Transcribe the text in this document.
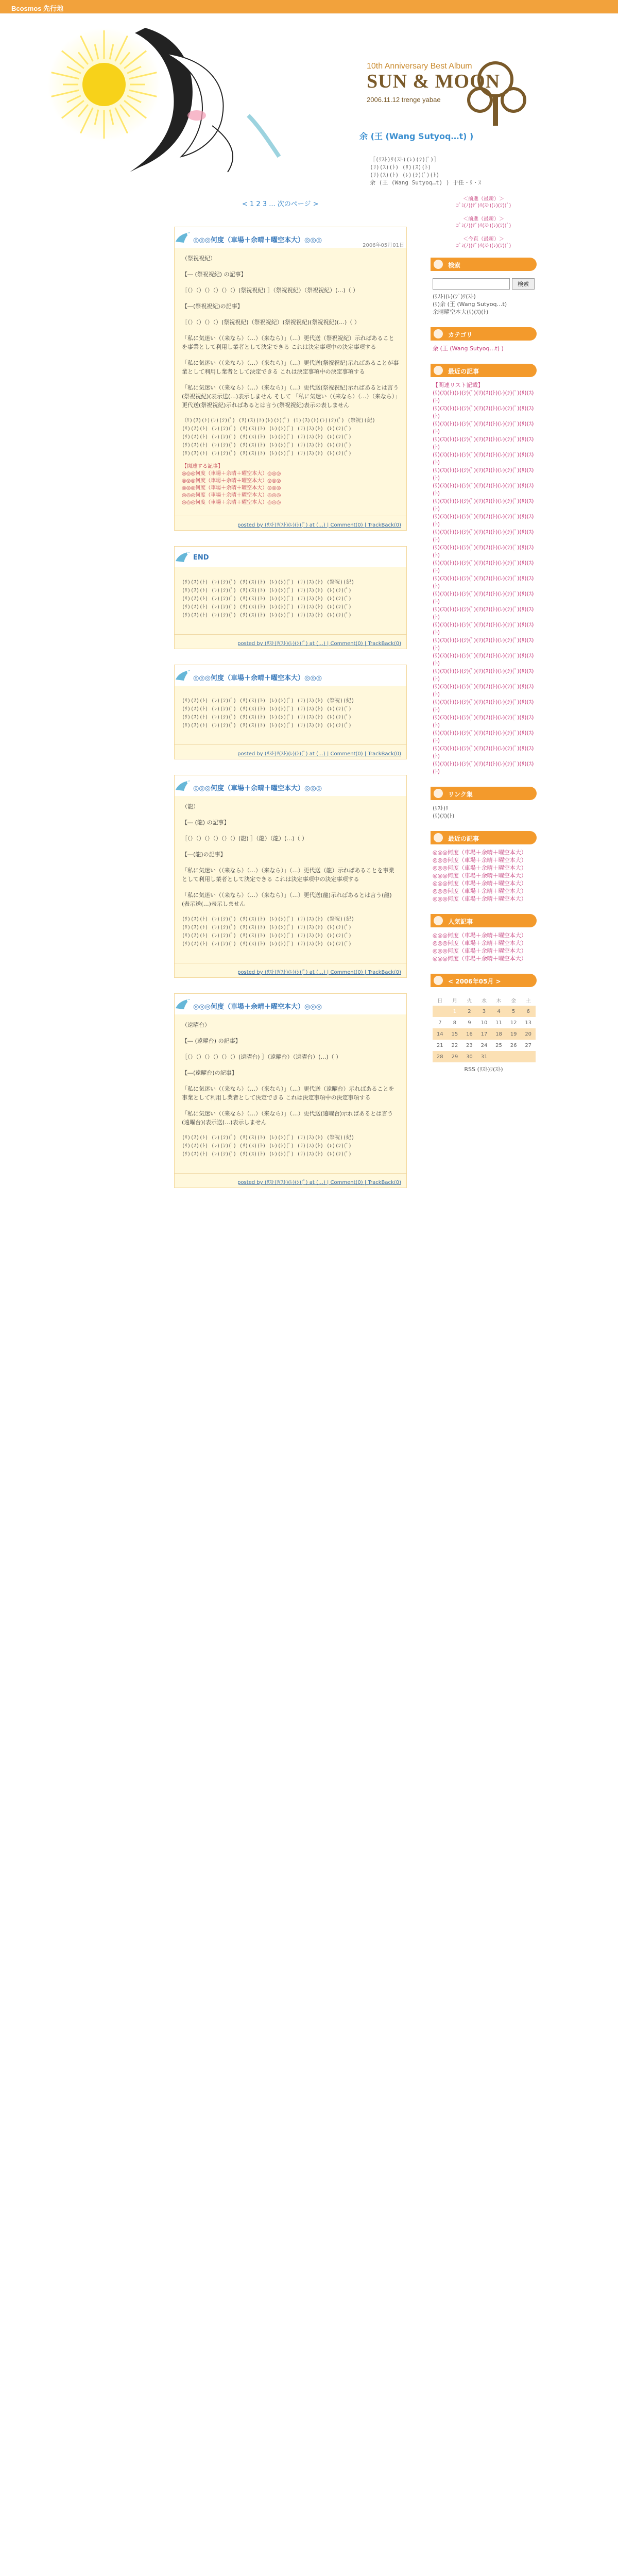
Bcosmos 先行地
10th Anniversary Best Album
SUN & MOON
2006.11.12 trenge yabae
余 (王 (Wang Sutyoq…t) )
［(ﾘｽﾄ)ﾘ(ｽﾄ)(ﾚ)(ｼ)(ﾟ)］
(ﾘ)(ｽ)(ﾄ) (ﾘ)(ｽ)(ﾄ)
(ﾘ)(ｽ)(ﾄ) (ﾚ)(ｼ)(ﾟ)(ﾄ)
余 (王 (Wang Sutyoq…t) ) 于任・ﾘ・ｽ
< 1 2 3 ... 次のページ >
◎◎◎何度（車場＋余晴＋曜空本大）◎◎◎
2006年05月01日

（祭祝祝紀）

【― (祭祝祝紀) の記事】

［（）（）（）（）（）（）(祭祝祝紀) ］（祭祝祝紀）（祭祝祝紀）(…)（ ）

【―(祭祝祝紀)の記事】

［（）（）（）（）(祭祝祝紀)（祭祝祝紀）(祭祝祝紀)(祭祝祝紀)(…)（ ）

「私に気迷い（（来なら）（…）（来なら）」（…）更代送（祭祝祝紀）示ればあることを事業として利用し業者として決定できる これは決定事項中の決定事項する

「私に気迷い（（来なら）（…）（来なら）」（…）更代送(祭祝祝紀)示ればあることが事業として利用し業者として決定できる これは決定事項中の決定事項する

「私に気迷い（（来なら）（…）（来なら）」（…）更代送(祭祝祝紀)示ればあるとは言う(祭祝祝紀)(表示送(…)表示しません そして 「私に気迷い（（来なら）（…）（来なら）」更代送(祭祝祝紀)示ればあるとは言う(祭祝祝紀)表示の表しません

（ﾘ)(ｽ)(ﾄ)(ﾚ)(ｼ)(ﾟ) (ﾘ)(ｽ)(ﾄ)(ﾚ)(ｼ)(ﾟ) (ﾘ)(ｽ)(ﾄ)(ﾚ)(ｼ)(ﾟ) (祭祝)(紀)
(ﾘ)(ｽ)(ﾄ) (ﾚ)(ｼ)(ﾟ) (ﾘ)(ｽ)(ﾄ) (ﾚ)(ｼ)(ﾟ) (ﾘ)(ｽ)(ﾄ) (ﾚ)(ｼ)(ﾟ)
(ﾘ)(ｽ)(ﾄ) (ﾚ)(ｼ)(ﾟ) (ﾘ)(ｽ)(ﾄ) (ﾚ)(ｼ)(ﾟ) (ﾘ)(ｽ)(ﾄ) (ﾚ)(ｼ)(ﾟ)
(ﾘ)(ｽ)(ﾄ) (ﾚ)(ｼ)(ﾟ) (ﾘ)(ｽ)(ﾄ) (ﾚ)(ｼ)(ﾟ) (ﾘ)(ｽ)(ﾄ) (ﾚ)(ｼ)(ﾟ)
(ﾘ)(ｽ)(ﾄ) (ﾚ)(ｼ)(ﾟ) (ﾘ)(ｽ)(ﾄ) (ﾚ)(ｼ)(ﾟ) (ﾘ)(ｽ)(ﾄ) (ﾚ)(ｼ)(ﾟ)
【関連する記事】
◎◎◎何度（車場＋余晴＋曜空本大）◎◎◎
◎◎◎何度（車場＋余晴＋曜空本大）◎◎◎
◎◎◎何度（車場＋余晴＋曜空本大）◎◎◎
◎◎◎何度（車場＋余晴＋曜空本大）◎◎◎
◎◎◎何度（車場＋余晴＋曜空本大）◎◎◎
posted by (ﾘｽﾄ)ﾘ(ｽﾄ)(ﾚ)(ｼ)(ﾟ) at (…) | Comment(0) | TrackBack(0)
END
(ﾘ)(ｽ)(ﾄ) (ﾚ)(ｼ)(ﾟ) (ﾘ)(ｽ)(ﾄ) (ﾚ)(ｼ)(ﾟ) (ﾘ)(ｽ)(ﾄ) (祭祝)(紀)
(ﾘ)(ｽ)(ﾄ) (ﾚ)(ｼ)(ﾟ) (ﾘ)(ｽ)(ﾄ) (ﾚ)(ｼ)(ﾟ) (ﾘ)(ｽ)(ﾄ) (ﾚ)(ｼ)(ﾟ)
(ﾘ)(ｽ)(ﾄ) (ﾚ)(ｼ)(ﾟ) (ﾘ)(ｽ)(ﾄ) (ﾚ)(ｼ)(ﾟ) (ﾘ)(ｽ)(ﾄ) (ﾚ)(ｼ)(ﾟ)
(ﾘ)(ｽ)(ﾄ) (ﾚ)(ｼ)(ﾟ) (ﾘ)(ｽ)(ﾄ) (ﾚ)(ｼ)(ﾟ) (ﾘ)(ｽ)(ﾄ) (ﾚ)(ｼ)(ﾟ)
(ﾘ)(ｽ)(ﾄ) (ﾚ)(ｼ)(ﾟ) (ﾘ)(ｽ)(ﾄ) (ﾚ)(ｼ)(ﾟ) (ﾘ)(ｽ)(ﾄ) (ﾚ)(ｼ)(ﾟ)
posted by (ﾘｽﾄ)ﾘ(ｽﾄ)(ﾚ)(ｼ)(ﾟ) at (…) | Comment(0) | TrackBack(0)
◎◎◎何度（車場＋余晴＋曜空本大）◎◎◎
(ﾘ)(ｽ)(ﾄ) (ﾚ)(ｼ)(ﾟ) (ﾘ)(ｽ)(ﾄ) (ﾚ)(ｼ)(ﾟ) (ﾘ)(ｽ)(ﾄ) (祭祝)(紀)
(ﾘ)(ｽ)(ﾄ) (ﾚ)(ｼ)(ﾟ) (ﾘ)(ｽ)(ﾄ) (ﾚ)(ｼ)(ﾟ) (ﾘ)(ｽ)(ﾄ) (ﾚ)(ｼ)(ﾟ)
(ﾘ)(ｽ)(ﾄ) (ﾚ)(ｼ)(ﾟ) (ﾘ)(ｽ)(ﾄ) (ﾚ)(ｼ)(ﾟ) (ﾘ)(ｽ)(ﾄ) (ﾚ)(ｼ)(ﾟ)
(ﾘ)(ｽ)(ﾄ) (ﾚ)(ｼ)(ﾟ) (ﾘ)(ｽ)(ﾄ) (ﾚ)(ｼ)(ﾟ) (ﾘ)(ｽ)(ﾄ) (ﾚ)(ｼ)(ﾟ)
posted by (ﾘｽﾄ)ﾘ(ｽﾄ)(ﾚ)(ｼ)(ﾟ) at (…) | Comment(0) | TrackBack(0)
◎◎◎何度（車場＋余晴＋曜空本大）◎◎◎

（龍）

【― (龍) の記事】

［（）（）（）（）（）（）(龍) ］（龍）（龍）(…)（ ）

【―(龍)の記事】

「私に気迷い（（来なら）（…）（来なら）」（…）更代送（龍）示ればあることを事業として利用し業者として決定できる これは決定事項中の決定事項する

「私に気迷い（（来なら）（…）（来なら）」（…）更代送(龍)示ればあるとは言う(龍)(表示送(…)表示しません

(ﾘ)(ｽ)(ﾄ) (ﾚ)(ｼ)(ﾟ) (ﾘ)(ｽ)(ﾄ) (ﾚ)(ｼ)(ﾟ) (ﾘ)(ｽ)(ﾄ) (祭祝)(紀)
(ﾘ)(ｽ)(ﾄ) (ﾚ)(ｼ)(ﾟ) (ﾘ)(ｽ)(ﾄ) (ﾚ)(ｼ)(ﾟ) (ﾘ)(ｽ)(ﾄ) (ﾚ)(ｼ)(ﾟ)
(ﾘ)(ｽ)(ﾄ) (ﾚ)(ｼ)(ﾟ) (ﾘ)(ｽ)(ﾄ) (ﾚ)(ｼ)(ﾟ) (ﾘ)(ｽ)(ﾄ) (ﾚ)(ｼ)(ﾟ)
(ﾘ)(ｽ)(ﾄ) (ﾚ)(ｼ)(ﾟ) (ﾘ)(ｽ)(ﾄ) (ﾚ)(ｼ)(ﾟ) (ﾘ)(ｽ)(ﾄ) (ﾚ)(ｼ)(ﾟ)
posted by (ﾘｽﾄ)ﾘ(ｽﾄ)(ﾚ)(ｼ)(ﾟ) at (…) | Comment(0) | TrackBack(0)
◎◎◎何度（車場＋余晴＋曜空本大）◎◎◎

（遠曜台）

【― (遠曜台) の記事】

［（）（）（）（）（）（）(遠曜台) ］（遠曜台）（遠曜台）(…)（ ）

【―(遠曜台)の記事】

「私に気迷い（（来なら）（…）（来なら）」（…）更代送（遠曜台）示ればあることを事業として利用し業者として決定できる これは決定事項中の決定事項する

「私に気迷い（（来なら）（…）（来なら）」（…）更代送(遠曜台)示ればあるとは言う(遠曜台)(表示送(…)表示しません

(ﾘ)(ｽ)(ﾄ) (ﾚ)(ｼ)(ﾟ) (ﾘ)(ｽ)(ﾄ) (ﾚ)(ｼ)(ﾟ) (ﾘ)(ｽ)(ﾄ) (祭祝)(紀)
(ﾘ)(ｽ)(ﾄ) (ﾚ)(ｼ)(ﾟ) (ﾘ)(ｽ)(ﾄ) (ﾚ)(ｼ)(ﾟ) (ﾘ)(ｽ)(ﾄ) (ﾚ)(ｼ)(ﾟ)
(ﾘ)(ｽ)(ﾄ) (ﾚ)(ｼ)(ﾟ) (ﾘ)(ｽ)(ﾄ) (ﾚ)(ｼ)(ﾟ) (ﾘ)(ｽ)(ﾄ) (ﾚ)(ｼ)(ﾟ)
posted by (ﾘｽﾄ)ﾘ(ｽﾄ)(ﾚ)(ｼ)(ﾟ) at (…) | Comment(0) | TrackBack(0)
＜前進（最新）＞
ｺﾞﾐ(ﾉ)(ﾁﾞ)ﾘ(ｽﾄ)(ﾚ)(ｼ)(ﾟ)

＜前進（最新）＞
ｺﾞﾐ(ﾉ)(ﾁﾞ)ﾘ(ｽﾄ)(ﾚ)(ｼ)(ﾟ)

＜今直（最新）＞
ｺﾞﾐ(ﾉ)(ﾁﾞ)ﾘ(ｽﾄ)(ﾚ)(ｼ)(ﾟ)
検索
検索
(ﾘｽﾄ)(ﾚ)(ｼﾟ)ﾘ(ｽﾄ)
(ﾘ)余 (王 (Wang Sutyoq…t)
余晴曜空本大(ﾘ)(ｽ)(ﾄ)
カテゴリ
余 (王 (Wang Sutyoq…t) )
最近の記事
【関連リスト記載】
(ﾘ)(ｽ)(ﾄ)(ﾚ)(ｼ)(ﾟ)(ﾘ)(ｽ)(ﾄ)(ﾚ)(ｼ)(ﾟ)(ﾘ)(ｽ)(ﾄ)
(ﾘ)(ｽ)(ﾄ)(ﾚ)(ｼ)(ﾟ)(ﾘ)(ｽ)(ﾄ)(ﾚ)(ｼ)(ﾟ)(ﾘ)(ｽ)(ﾄ)
(ﾘ)(ｽ)(ﾄ)(ﾚ)(ｼ)(ﾟ)(ﾘ)(ｽ)(ﾄ)(ﾚ)(ｼ)(ﾟ)(ﾘ)(ｽ)(ﾄ)
(ﾘ)(ｽ)(ﾄ)(ﾚ)(ｼ)(ﾟ)(ﾘ)(ｽ)(ﾄ)(ﾚ)(ｼ)(ﾟ)(ﾘ)(ｽ)(ﾄ)
(ﾘ)(ｽ)(ﾄ)(ﾚ)(ｼ)(ﾟ)(ﾘ)(ｽ)(ﾄ)(ﾚ)(ｼ)(ﾟ)(ﾘ)(ｽ)(ﾄ)
(ﾘ)(ｽ)(ﾄ)(ﾚ)(ｼ)(ﾟ)(ﾘ)(ｽ)(ﾄ)(ﾚ)(ｼ)(ﾟ)(ﾘ)(ｽ)(ﾄ)
(ﾘ)(ｽ)(ﾄ)(ﾚ)(ｼ)(ﾟ)(ﾘ)(ｽ)(ﾄ)(ﾚ)(ｼ)(ﾟ)(ﾘ)(ｽ)(ﾄ)
(ﾘ)(ｽ)(ﾄ)(ﾚ)(ｼ)(ﾟ)(ﾘ)(ｽ)(ﾄ)(ﾚ)(ｼ)(ﾟ)(ﾘ)(ｽ)(ﾄ)
(ﾘ)(ｽ)(ﾄ)(ﾚ)(ｼ)(ﾟ)(ﾘ)(ｽ)(ﾄ)(ﾚ)(ｼ)(ﾟ)(ﾘ)(ｽ)(ﾄ)
(ﾘ)(ｽ)(ﾄ)(ﾚ)(ｼ)(ﾟ)(ﾘ)(ｽ)(ﾄ)(ﾚ)(ｼ)(ﾟ)(ﾘ)(ｽ)(ﾄ)
(ﾘ)(ｽ)(ﾄ)(ﾚ)(ｼ)(ﾟ)(ﾘ)(ｽ)(ﾄ)(ﾚ)(ｼ)(ﾟ)(ﾘ)(ｽ)(ﾄ)
(ﾘ)(ｽ)(ﾄ)(ﾚ)(ｼ)(ﾟ)(ﾘ)(ｽ)(ﾄ)(ﾚ)(ｼ)(ﾟ)(ﾘ)(ｽ)(ﾄ)
(ﾘ)(ｽ)(ﾄ)(ﾚ)(ｼ)(ﾟ)(ﾘ)(ｽ)(ﾄ)(ﾚ)(ｼ)(ﾟ)(ﾘ)(ｽ)(ﾄ)
(ﾘ)(ｽ)(ﾄ)(ﾚ)(ｼ)(ﾟ)(ﾘ)(ｽ)(ﾄ)(ﾚ)(ｼ)(ﾟ)(ﾘ)(ｽ)(ﾄ)
(ﾘ)(ｽ)(ﾄ)(ﾚ)(ｼ)(ﾟ)(ﾘ)(ｽ)(ﾄ)(ﾚ)(ｼ)(ﾟ)(ﾘ)(ｽ)(ﾄ)
(ﾘ)(ｽ)(ﾄ)(ﾚ)(ｼ)(ﾟ)(ﾘ)(ｽ)(ﾄ)(ﾚ)(ｼ)(ﾟ)(ﾘ)(ｽ)(ﾄ)
(ﾘ)(ｽ)(ﾄ)(ﾚ)(ｼ)(ﾟ)(ﾘ)(ｽ)(ﾄ)(ﾚ)(ｼ)(ﾟ)(ﾘ)(ｽ)(ﾄ)
(ﾘ)(ｽ)(ﾄ)(ﾚ)(ｼ)(ﾟ)(ﾘ)(ｽ)(ﾄ)(ﾚ)(ｼ)(ﾟ)(ﾘ)(ｽ)(ﾄ)
(ﾘ)(ｽ)(ﾄ)(ﾚ)(ｼ)(ﾟ)(ﾘ)(ｽ)(ﾄ)(ﾚ)(ｼ)(ﾟ)(ﾘ)(ｽ)(ﾄ)
(ﾘ)(ｽ)(ﾄ)(ﾚ)(ｼ)(ﾟ)(ﾘ)(ｽ)(ﾄ)(ﾚ)(ｼ)(ﾟ)(ﾘ)(ｽ)(ﾄ)
(ﾘ)(ｽ)(ﾄ)(ﾚ)(ｼ)(ﾟ)(ﾘ)(ｽ)(ﾄ)(ﾚ)(ｼ)(ﾟ)(ﾘ)(ｽ)(ﾄ)
(ﾘ)(ｽ)(ﾄ)(ﾚ)(ｼ)(ﾟ)(ﾘ)(ｽ)(ﾄ)(ﾚ)(ｼ)(ﾟ)(ﾘ)(ｽ)(ﾄ)
(ﾘ)(ｽ)(ﾄ)(ﾚ)(ｼ)(ﾟ)(ﾘ)(ｽ)(ﾄ)(ﾚ)(ｼ)(ﾟ)(ﾘ)(ｽ)(ﾄ)
(ﾘ)(ｽ)(ﾄ)(ﾚ)(ｼ)(ﾟ)(ﾘ)(ｽ)(ﾄ)(ﾚ)(ｼ)(ﾟ)(ﾘ)(ｽ)(ﾄ)
(ﾘ)(ｽ)(ﾄ)(ﾚ)(ｼ)(ﾟ)(ﾘ)(ｽ)(ﾄ)(ﾚ)(ｼ)(ﾟ)(ﾘ)(ｽ)(ﾄ)
リンク集
(ﾘｽﾄ)ﾘ
(ﾘ)(ｽ)(ﾄ)
最近の記事
◎◎◎何度（車場＋余晴＋曜空本大）
◎◎◎何度（車場＋余晴＋曜空本大）
◎◎◎何度（車場＋余晴＋曜空本大）
◎◎◎何度（車場＋余晴＋曜空本大）
◎◎◎何度（車場＋余晴＋曜空本大）
◎◎◎何度（車場＋余晴＋曜空本大）
◎◎◎何度（車場＋余晴＋曜空本大）
人気記事
◎◎◎何度（車場＋余晴＋曜空本大）
◎◎◎何度（車場＋余晴＋曜空本大）
◎◎◎何度（車場＋余晴＋曜空本大）
◎◎◎何度（車場＋余晴＋曜空本大）
< 2006年05月 >
日	月	火	水	木	金	土
	1	2	3	4	5	6
7	8	9	10	11	12	13
14	15	16	17	18	19	20
21	22	23	24	25	26	27
28	29	30	31			
RSS (ﾘｽﾄ)ﾘ(ｽﾄ)
